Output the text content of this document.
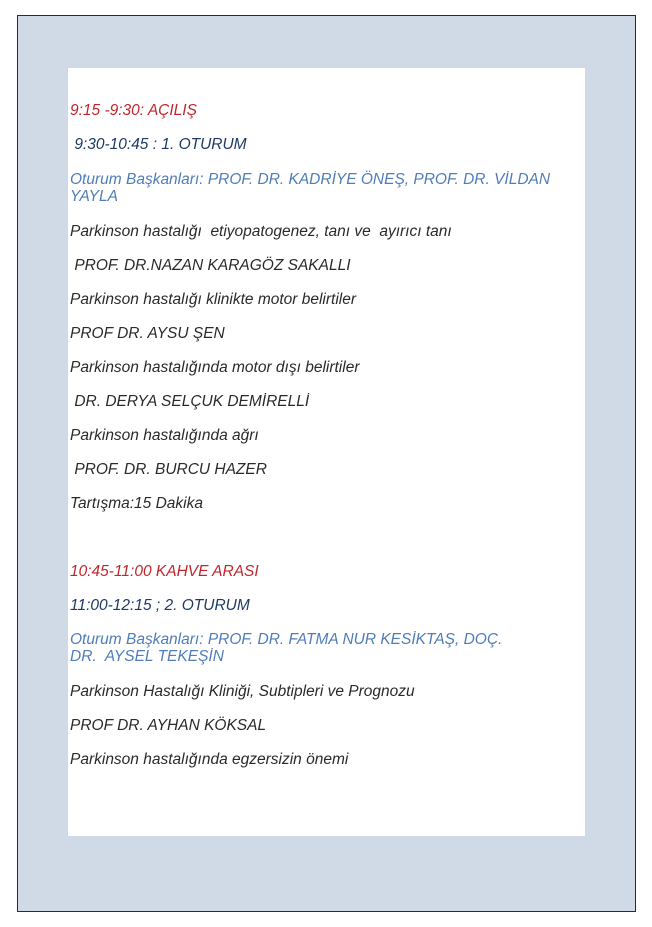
9:15 -9:30: AÇILIŞ

9:30-10:45 : 1. OTURUM

Oturum Başkanları: PROF. DR. KADRİYE ÖNEŞ, PROF. DR. VİLDAN YAYLA

Parkinson hastalığı  etiyopatogenez, tanı ve  ayırıcı tanı

PROF. DR.NAZAN KARAGÖZ SAKALLI

Parkinson hastalığı klinikte motor belirtiler

PROF DR. AYSU ŞEN

Parkinson hastalığında motor dışı belirtiler

DR. DERYA SELÇUK DEMİRELLİ

Parkinson hastalığında ağrı

PROF. DR. BURCU HAZER

Tartışma:15 Dakika

10:45-11:00 KAHVE ARASI

11:00-12:15 ; 2. OTURUM

Oturum Başkanları: PROF. DR. FATMA NUR KESİKTAŞ, DOÇ. DR.  AYSEL TEKEŞİN

Parkinson Hastalığı Kliniği, Subtipleri ve Prognozu

PROF DR. AYHAN KÖKSAL

Parkinson hastalığında egzersizin önemi
